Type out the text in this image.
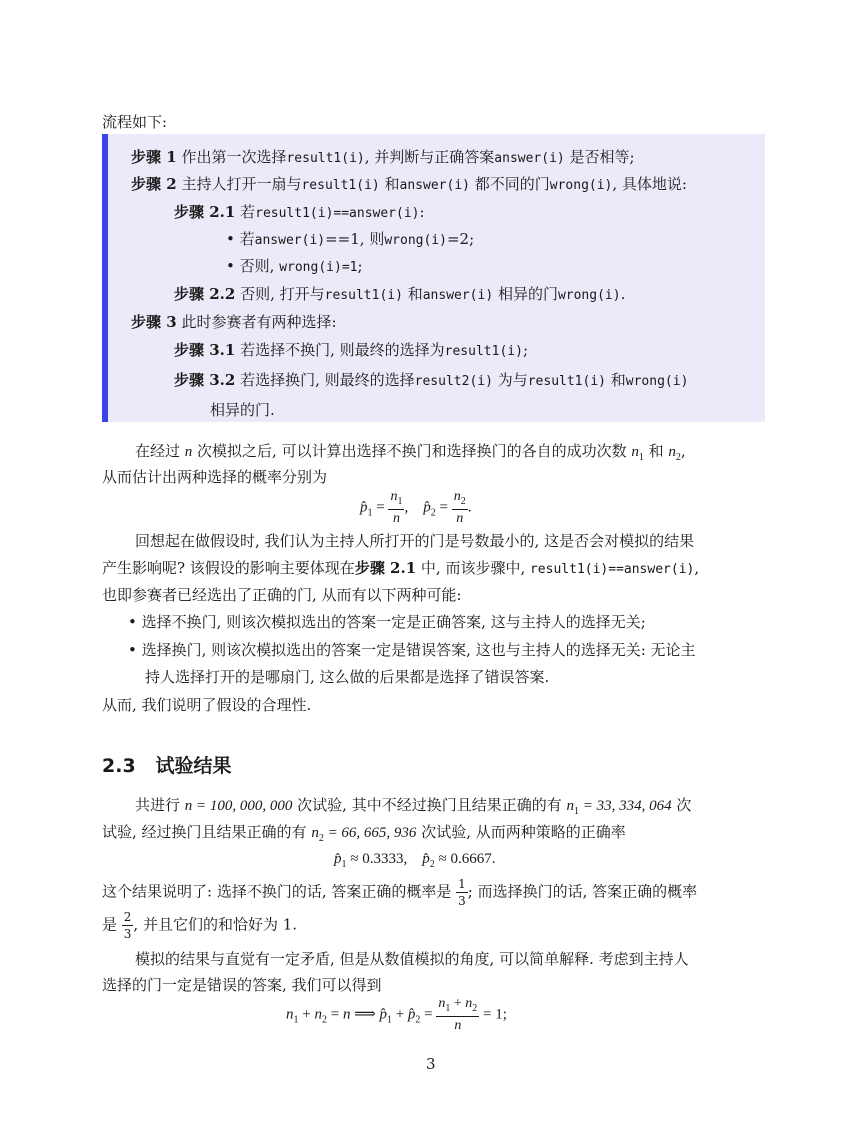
流程如下:
步骤 1 作出第一次选择result1(i), 并判断与正确答案answer(i) 是否相等;
步骤 2 主持人打开一扇与result1(i) 和answer(i) 都不同的门wrong(i), 具体地说:
步骤 2.1 若result1(i)==answer(i):
• 若answer(i)==1, 则wrong(i)=2;
• 否则, wrong(i)=1;
步骤 2.2 否则, 打开与result1(i) 和answer(i) 相异的门wrong(i).
步骤 3 此时参赛者有两种选择:
步骤 3.1 若选择不换门, 则最终的选择为result1(i);
步骤 3.2 若选择换门, 则最终的选择result2(i) 为与result1(i) 和wrong(i)
相异的门.
在经过 n 次模拟之后, 可以计算出选择不换门和选择换门的各自的成功次数 $n_1$ 和 $n_2$,
从而估计出两种选择的概率分别为
$p̂_1 = \frac{n_1}{n}$ ,    $p̂_2 = \frac{n_2}{n}$ .
回想起在做假设时, 我们认为主持人所打开的门是号数最小的, 这是否会对模拟的结果
产生影响呢? 该假设的影响主要体现在步骤 2.1 中, 而该步骤中, result1(i)==answer(i),
也即参赛者已经选出了正确的门, 从而有以下两种可能:
• 选择不换门, 则该次模拟选出的答案一定是正确答案, 这与主持人的选择无关;
• 选择换门, 则该次模拟选出的答案一定是错误答案, 这也与主持人的选择无关: 无论主
持人选择打开的是哪扇门, 这么做的后果都是选择了错误答案.
从而, 我们说明了假设的合理性.
2.3 试验结果
共进行 n = 100, 000, 000 次试验, 其中不经过换门且结果正确的有 $n_1 = 33$, 334, 064 次
试验, 经过换门且结果正确的有 $n_2 = 66$, 665, 936 次试验, 从而两种策略的正确率
$p̂_1 \approx 0.3333$,    $p̂_2 \approx 0.6667$.
这个结果说明了: 选择不换门的话, 答案正确的概率是 $\frac{1}{3}$ ; 而选择换门的话, 答案正确的概率
是 $\frac{2}{3}$ , 并且它们的和恰好为 1.
模拟的结果与直觉有一定矛盾, 但是从数值模拟的角度, 可以简单解释. 考虑到主持人
选择的门一定是错误的答案, 我们可以得到
$n_1 + n_2 = n$ ⟹ $p̂_1$ + $p̂_2 = \frac{n_1 + n_2}{n} = 1$;
3
